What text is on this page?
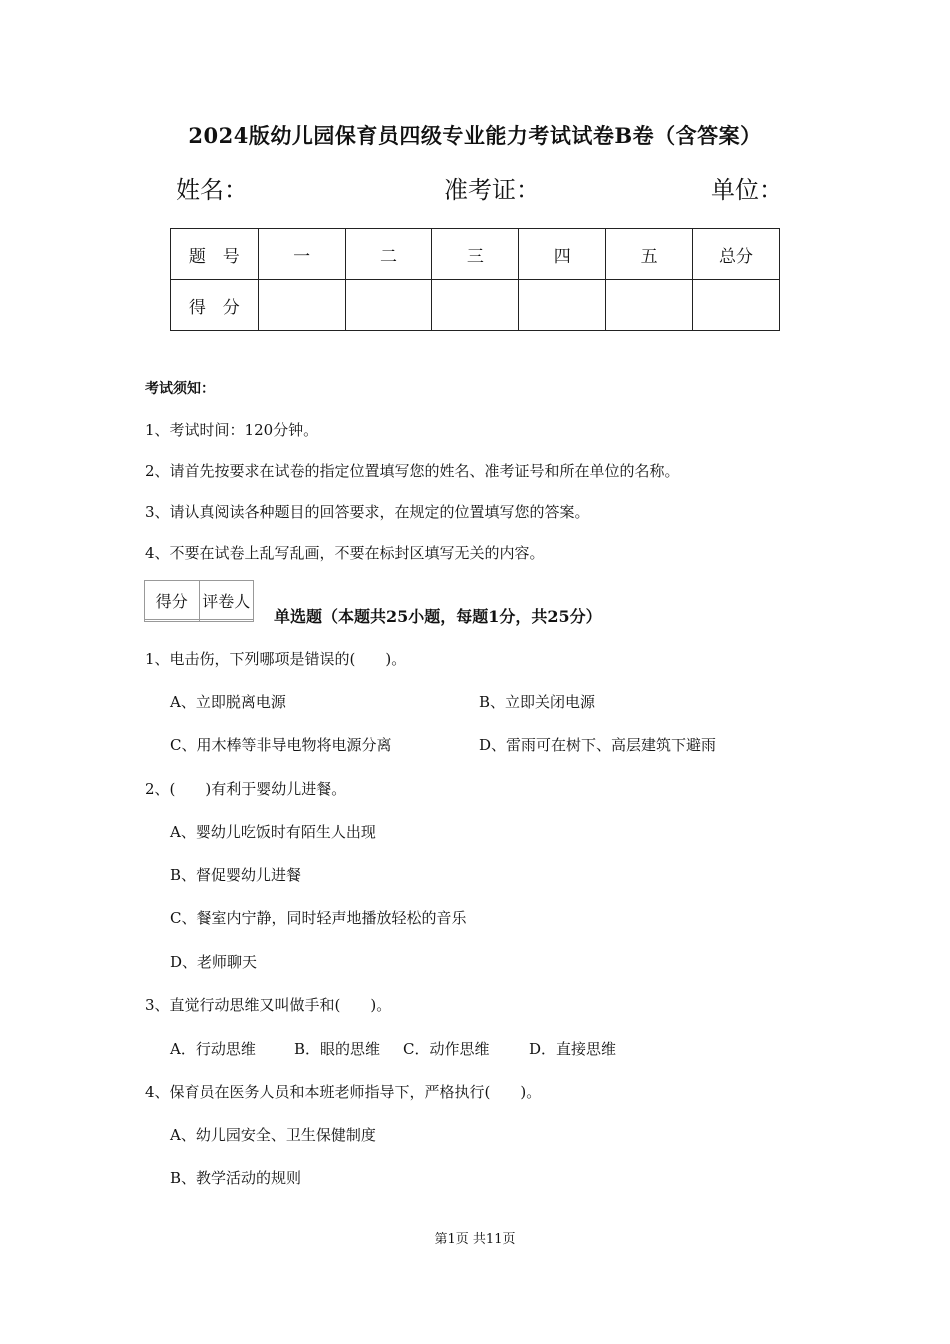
2024版幼儿园保育员四级专业能力考试试卷B卷（含答案）
姓名：	准考证：	单位：
题　号	一	二	三	四	五	总分
得　分						
考试须知：
1、考试时间：120分钟。
2、请首先按要求在试卷的指定位置填写您的姓名、准考证号和所在单位的名称。
3、请认真阅读各种题目的回答要求，在规定的位置填写您的答案。
4、不要在试卷上乱写乱画，不要在标封区填写无关的内容。
得分	评卷人

单选题（本题共25小题，每题1分，共25分）
1、电击伤，下列哪项是错误的(　　)。
A、立即脱离电源	B、立即关闭电源
C、用木棒等非导电物将电源分离	D、雷雨可在树下、高层建筑下避雨
2、(　　)有利于婴幼儿进餐。
A、婴幼儿吃饭时有陌生人出现
B、督促婴幼儿进餐
C、餐室内宁静，同时轻声地播放轻松的音乐
D、老师聊天
3、直觉行动思维又叫做手和(　　)。
A．行动思维	B．眼的思维 C．动作思维	D．直接思维
4、保育员在医务人员和本班老师指导下，严格执行(　　)。
A、幼儿园安全、卫生保健制度
B、教学活动的规则
第1页 共11页
